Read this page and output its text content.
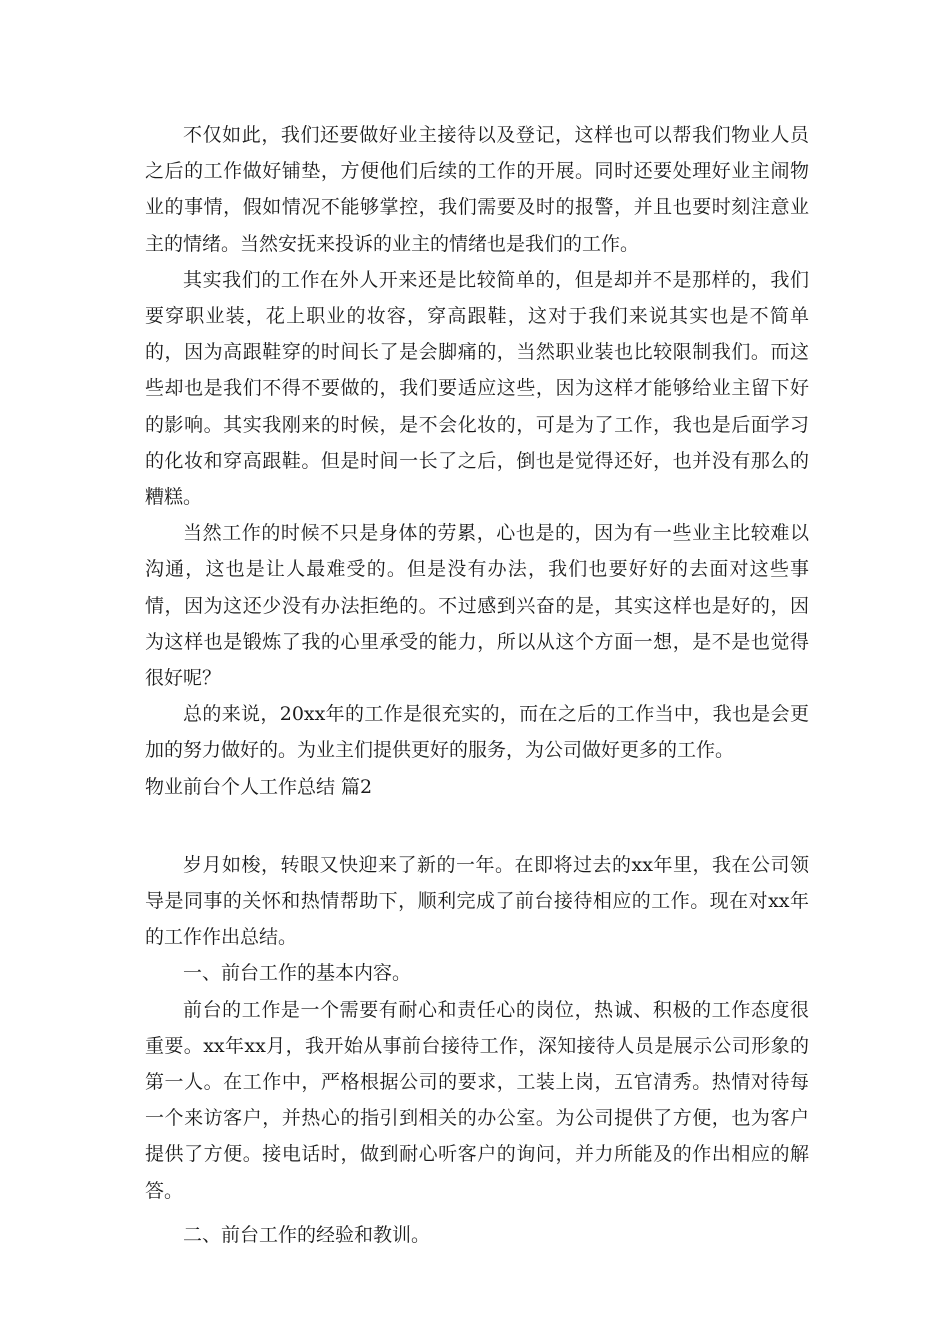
不仅如此，我们还要做好业主接待以及登记，这样也可以帮我们物业人员之后的工作做好铺垫，方便他们后续的工作的开展。同时还要处理好业主闹物业的事情，假如情况不能够掌控，我们需要及时的报警，并且也要时刻注意业主的情绪。当然安抚来投诉的业主的情绪也是我们的工作。

其实我们的工作在外人开来还是比较简单的，但是却并不是那样的，我们要穿职业装，花上职业的妆容，穿高跟鞋，这对于我们来说其实也是不简单的，因为高跟鞋穿的时间长了是会脚痛的，当然职业装也比较限制我们。而这些却也是我们不得不要做的，我们要适应这些，因为这样才能够给业主留下好的影响。其实我刚来的时候，是不会化妆的，可是为了工作，我也是后面学习的化妆和穿高跟鞋。但是时间一长了之后，倒也是觉得还好，也并没有那么的糟糕。

当然工作的时候不只是身体的劳累，心也是的，因为有一些业主比较难以沟通，这也是让人最难受的。但是没有办法，我们也要好好的去面对这些事情，因为这还少没有办法拒绝的。不过感到兴奋的是，其实这样也是好的，因为这样也是锻炼了我的心里承受的能力，所以从这个方面一想，是不是也觉得很好呢？

总的来说，20xx年的工作是很充实的，而在之后的工作当中，我也是会更加的努力做好的。为业主们提供更好的服务，为公司做好更多的工作。

物业前台个人工作总结 篇2

岁月如梭，转眼又快迎来了新的一年。在即将过去的xx年里，我在公司领导是同事的关怀和热情帮助下，顺利完成了前台接待相应的工作。现在对xx年的工作作出总结。

一、前台工作的基本内容。

前台的工作是一个需要有耐心和责任心的岗位，热诚、积极的工作态度很重要。xx年xx月，我开始从事前台接待工作，深知接待人员是展示公司形象的第一人。在工作中，严格根据公司的要求，工装上岗，五官清秀。热情对待每一个来访客户，并热心的指引到相关的办公室。为公司提供了方便，也为客户提供了方便。接电话时，做到耐心听客户的询问，并力所能及的作出相应的解答。

二、前台工作的经验和教训。
